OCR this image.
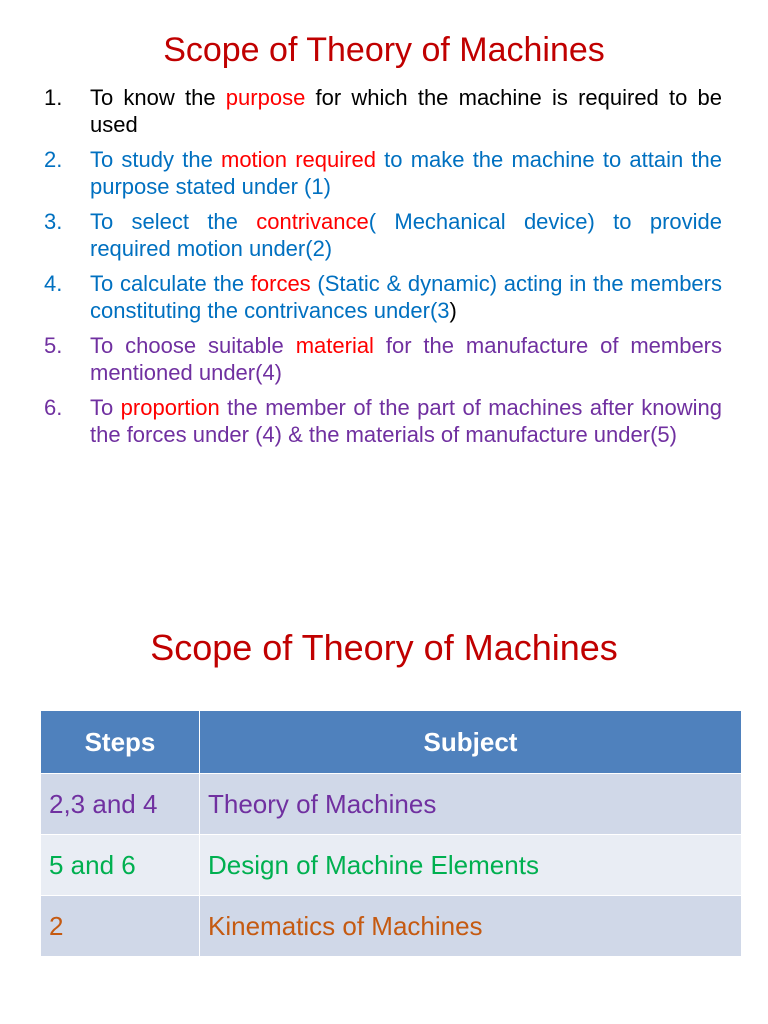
Scope of Theory of Machines
1. To know the purpose for which the machine is required to be used
2. To study the motion required to make the machine to attain the purpose stated under (1)
3. To select the contrivance( Mechanical device) to provide required motion under(2)
4. To calculate the forces (Static & dynamic) acting in the members constituting the contrivances under(3)
5. To choose suitable material for the manufacture of members mentioned under(4)
6. To proportion the member of the part of machines after knowing the forces under (4) & the materials of manufacture under(5)
Scope of Theory of Machines
Steps	Subject
2,3 and 4	Theory of Machines
5 and 6	Design of Machine Elements
2	Kinematics of Machines
